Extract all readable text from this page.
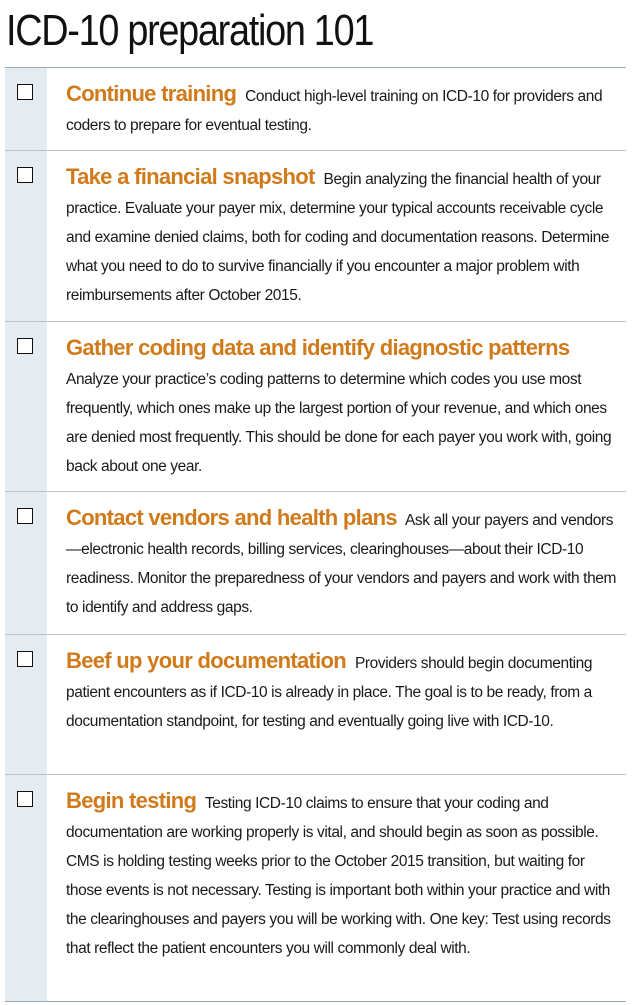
ICD-10 preparation 101

Continue training Conduct high-level training on ICD-10 for providers and coders to prepare for eventual testing.

Take a financial snapshot Begin analyzing the financial health of your practice. Evaluate your payer mix, determine your typical accounts receivable cycle and examine denied claims, both for coding and documentation reasons. Determine what you need to do to survive financially if you encounter a major problem with reimbursements after October 2015.

Gather coding data and identify diagnostic patterns
Analyze your practice’s coding patterns to determine which codes you use most frequently, which ones make up the largest portion of your revenue, and which ones are denied most frequently. This should be done for each payer you work with, going back about one year.

Contact vendors and health plans Ask all your payers and vendors—electronic health records, billing services, clearinghouses—about their ICD-10 readiness. Monitor the preparedness of your vendors and payers and work with them to identify and address gaps.

Beef up your documentation Providers should begin documenting patient encounters as if ICD-10 is already in place. The goal is to be ready, from a documentation standpoint, for testing and eventually going live with ICD-10.

Begin testing Testing ICD-10 claims to ensure that your coding and documentation are working properly is vital, and should begin as soon as possible. CMS is holding testing weeks prior to the October 2015 transition, but waiting for those events is not necessary. Testing is important both within your practice and with the clearinghouses and payers you will be working with. One key: Test using records that reflect the patient encounters you will commonly deal with.
